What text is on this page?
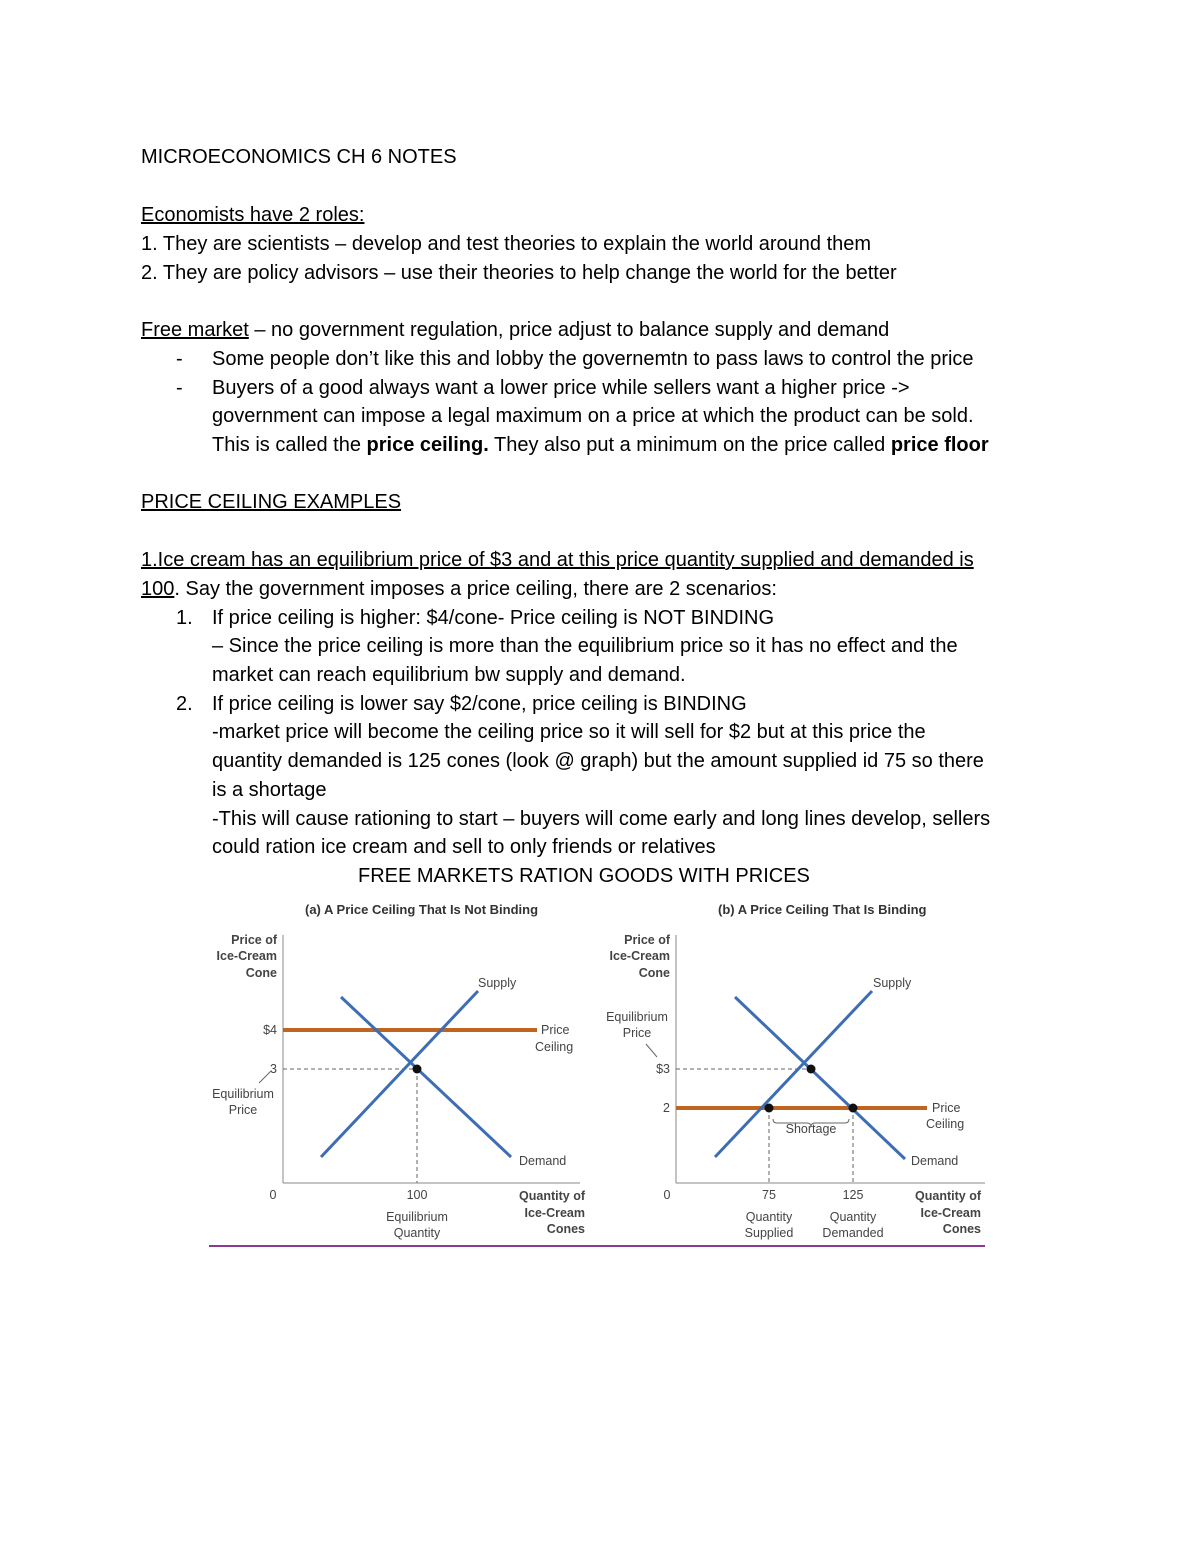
MICROECONOMICS CH 6 NOTES
Economists have 2 roles:
1. They are scientists – develop and test theories to explain the world around them
2. They are policy advisors – use their theories to help change the world for the better
Free market – no government regulation, price adjust to balance supply and demand
- Some people don’t like this and lobby the governemtn to pass laws to control the price
- Buyers of a good always want a lower price while sellers want a higher price ->
government can impose a legal maximum on a price at which the product can be sold.
This is called the price ceiling. They also put a minimum on the price called price floor
PRICE CEILING EXAMPLES
1.Ice cream has an equilibrium price of $3 and at this price quantity supplied and demanded is
100. Say the government imposes a price ceiling, there are 2 scenarios:
1. If price ceiling is higher: $4/cone- Price ceiling is NOT BINDING
– Since the price ceiling is more than the equilibrium price so it has no effect and the
market can reach equilibrium bw supply and demand.
2. If price ceiling is lower say $2/cone, price ceiling is BINDING
-market price will become the ceiling price so it will sell for $2 but at this price the
quantity demanded is 125 cones (look @ graph) but the amount supplied id 75 so there
is a shortage
-This will cause rationing to start – buyers will come early and long lines develop, sellers
could ration ice cream and sell to only friends or relatives
FREE MARKETS RATION GOODS WITH PRICES
(a) A Price Ceiling That Is Not Binding
Price of
Ice-Cream
Cone
Supply
Demand
Price
Ceiling
$4
3
Equilibrium
Price
0	100
Equilibrium
Quantity
Quantity of
Ice-Cream
Cones
(b) A Price Ceiling That Is Binding
Price of
Ice-Cream
Cone
Equilibrium
Price
Shortage
Supply
Demand
Price
Ceiling
$3
2
0	75	125
Quantity
Supplied
Quantity
Demanded
Quantity of
Ice-Cream
Cones
